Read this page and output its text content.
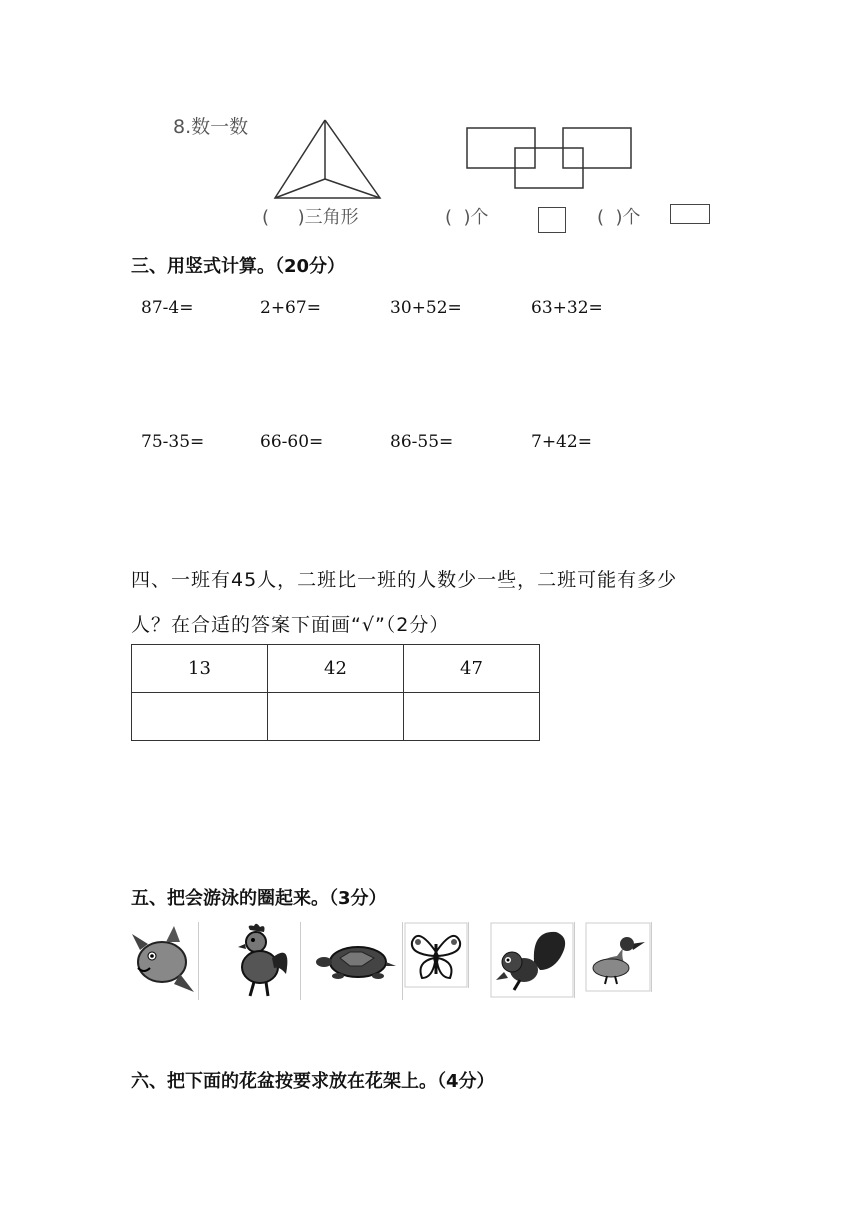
8.数一数
(     )三角形	(  )个	(  )个
三、用竖式计算。（20分）
87-4=	2+67=	30+52=	63+32=
75-35=	66-60=	86-55=	7+42=
四、一班有45人，二班比一班的人数少一些，二班可能有多少
人？在合适的答案下面画“√”（2分）
13	42	47

五、把会游泳的圈起来。（3分）
六、把下面的花盆按要求放在花架上。（4分）
